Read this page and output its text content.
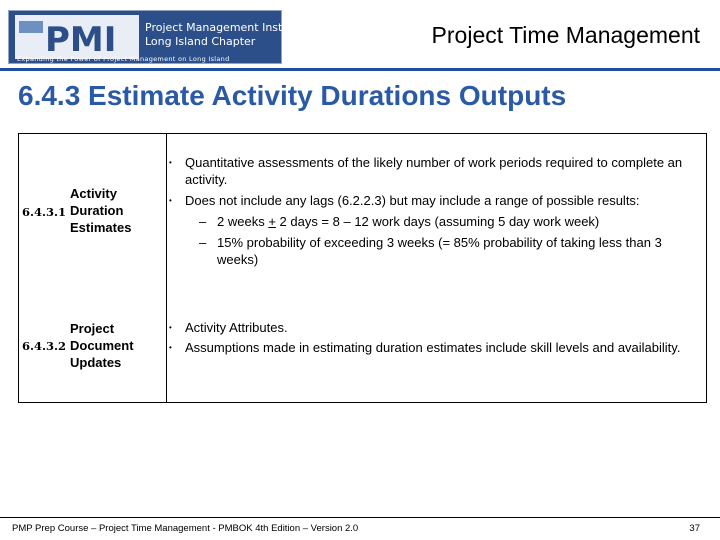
PMI	Project Management Institute
Long Island Chapter
Expanding the Power of Project Management on Long Island
Project Time Management
6.4.3 Estimate Activity Durations Outputs
6.4.3.1
Activity Duration Estimates
• Quantitative assessments of the likely number of work periods required to complete an activity.
• Does not include any lags (6.2.2.3) but may include a range of possible results:
– 2 weeks + 2 days = 8 – 12 work days (assuming 5 day work week)
– 15% probability of exceeding 3 weeks (= 85% probability of taking less than 3 weeks)
6.4.3.2
Project Document Updates
• Activity Attributes.
• Assumptions made in estimating duration estimates include skill levels and availability.
PMP Prep Course – Project Time Management - PMBOK 4th Edition – Version 2.0	37
